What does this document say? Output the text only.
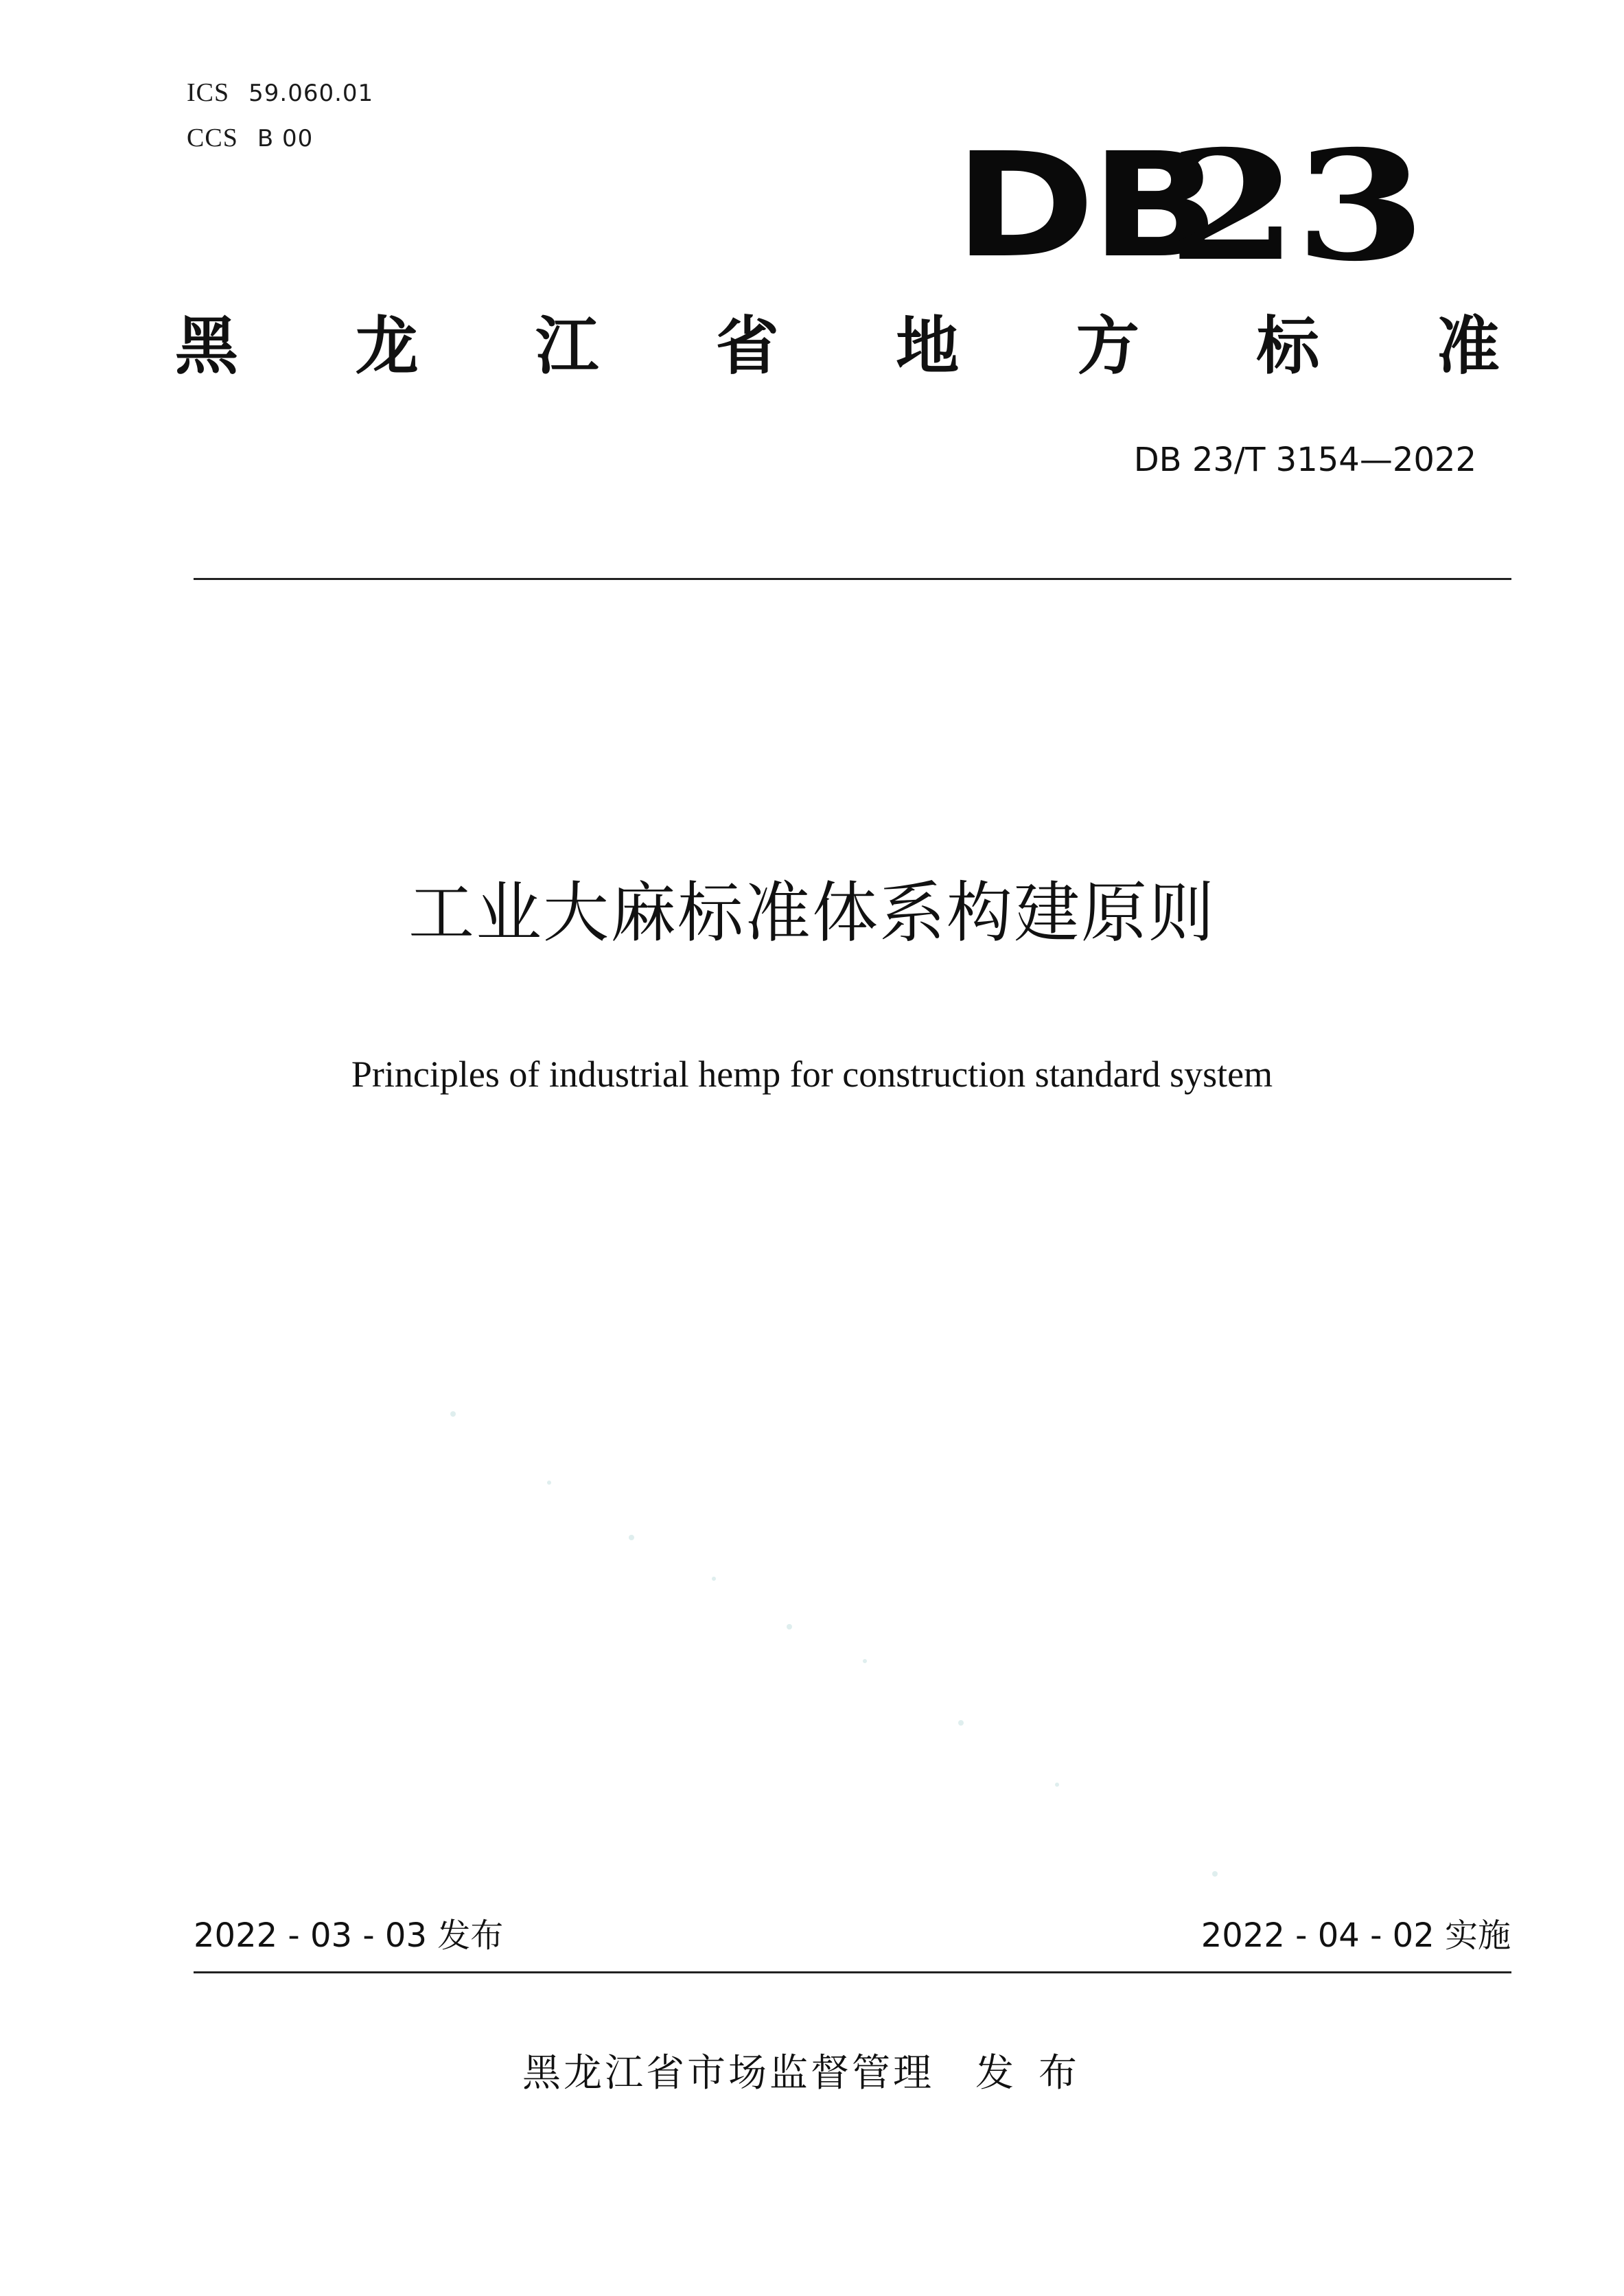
ICS 59.060.01
CCS B 00	DB
23
黑 龙 江 省 地 方 标 准
DB 23/T 3154—2022
工业大麻标准体系构建原则
Principles of industrial hemp for construction standard system
2022 - 03 - 03 发布	2022 - 04 - 02 实施
黑龙江省市场监督管理 发布
